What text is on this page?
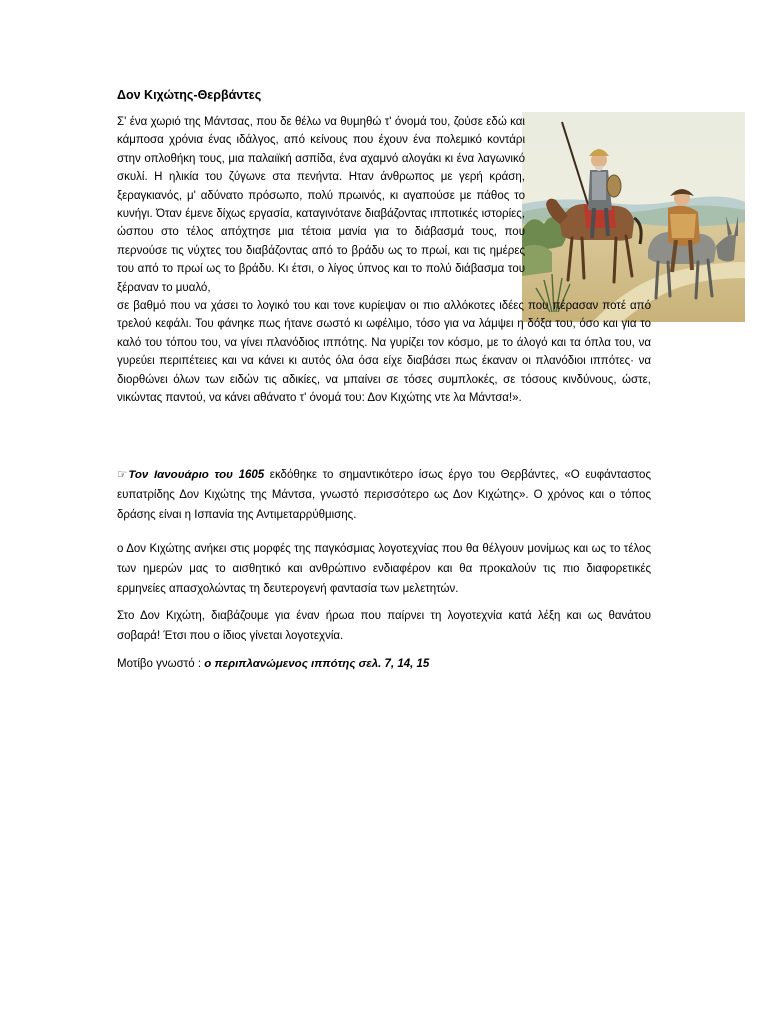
Δον Κιχώτης-Θερβάντες

Σ' ένα χωριό της Μάντσας, που δε θέλω να θυμηθώ τ' όνομά του, ζούσε εδώ και κάμποσα χρόνια ένας ιδάλγος, από κείνους που έχουν ένα πολεμικό κοντάρι στην οπλοθήκη τους, μια παλαιϊκή ασπίδα, ένα αχαμνό αλογάκι κι ένα λαγωνικό σκυλί. Η ηλικία του ζύγωνε στα πενήντα. Ηταν άνθρωπος με γερή κράση, ξεραγκιανός, μ' αδύνατο πρόσωπο, πολύ πρωινός, κι αγαπούσε με πάθος το κυνήγι. Όταν έμενε δίχως εργασία, καταγινότανε διαβάζοντας ιπποτικές ιστορίες, ώσπου στο τέλος απόχτησε μια τέτοια μανία για το διάβασμά τους, που περνούσε τις νύχτες του διαβάζοντας από το βράδυ ως το πρωί, και τις ημέρες του από το πρωί ως το βράδυ. Κι έτσι, ο λίγος ύπνος και το πολύ διάβασμα του ξέραναν το μυαλό,
σε βαθμό που να χάσει το λογικό του και τονε κυρίεψαν οι πιο αλλόκοτες ιδέες που πέρασαν ποτέ από τρελού κεφάλι. Του φάνηκε πως ήτανε σωστό κι ωφέλιμο, τόσο για να λάμψει η δόξα του, όσο και για το καλό του τόπου του, να γίνει πλανόδιος ιππότης. Να γυρίζει τον κόσμο, με το άλογό και τα όπλα του, να γυρεύει περιπέτειες και να κάνει κι αυτός όλα όσα είχε διαβάσει πως έκαναν οι πλανόδιοι ιππότες· να διορθώνει όλων των ειδών τις αδικίες, να μπαίνει σε τόσες συμπλοκές, σε τόσους κινδύνους, ώστε, νικώντας παντού, να κάνει αθάνατο τ' όνομά του: Δον Κιχώτης ντε λα Μάντσα!».

☞Τον Ιανουάριο του 1605 εκδόθηκε το σημαντικότερο ίσως έργο του Θερβάντες, «Ο ευφάνταστος ευπατρίδης Δον Κιχώτης της Μάντσα, γνωστό περισσότερο ως Δον Κιχώτης». Ο χρόνος και ο τόπος δράσης είναι η Ισπανία της Αντιμεταρρύθμισης.

ο Δον Κιχώτης ανήκει στις μορφές της παγκόσμιας λογοτεχνίας που θα θέλγουν μονίμως και ως το τέλος των ημερών μας το αισθητικό και ανθρώπινο ενδιαφέρον και θα προκαλούν τις πιο διαφορετικές ερμηνείες απασχολώντας τη δευτερογενή φαντασία των μελετητών.

Στο Δον Κιχώτη, διαβάζουμε για έναν ήρωα που παίρνει τη λογοτεχνία κατά λέξη και ως θανάτου σοβαρά! Έτσι που ο ίδιος γίνεται λογοτεχνία.

Μοτίβο γνωστό : ο περιπλανώμενος ιππότης σελ. 7, 14, 15
